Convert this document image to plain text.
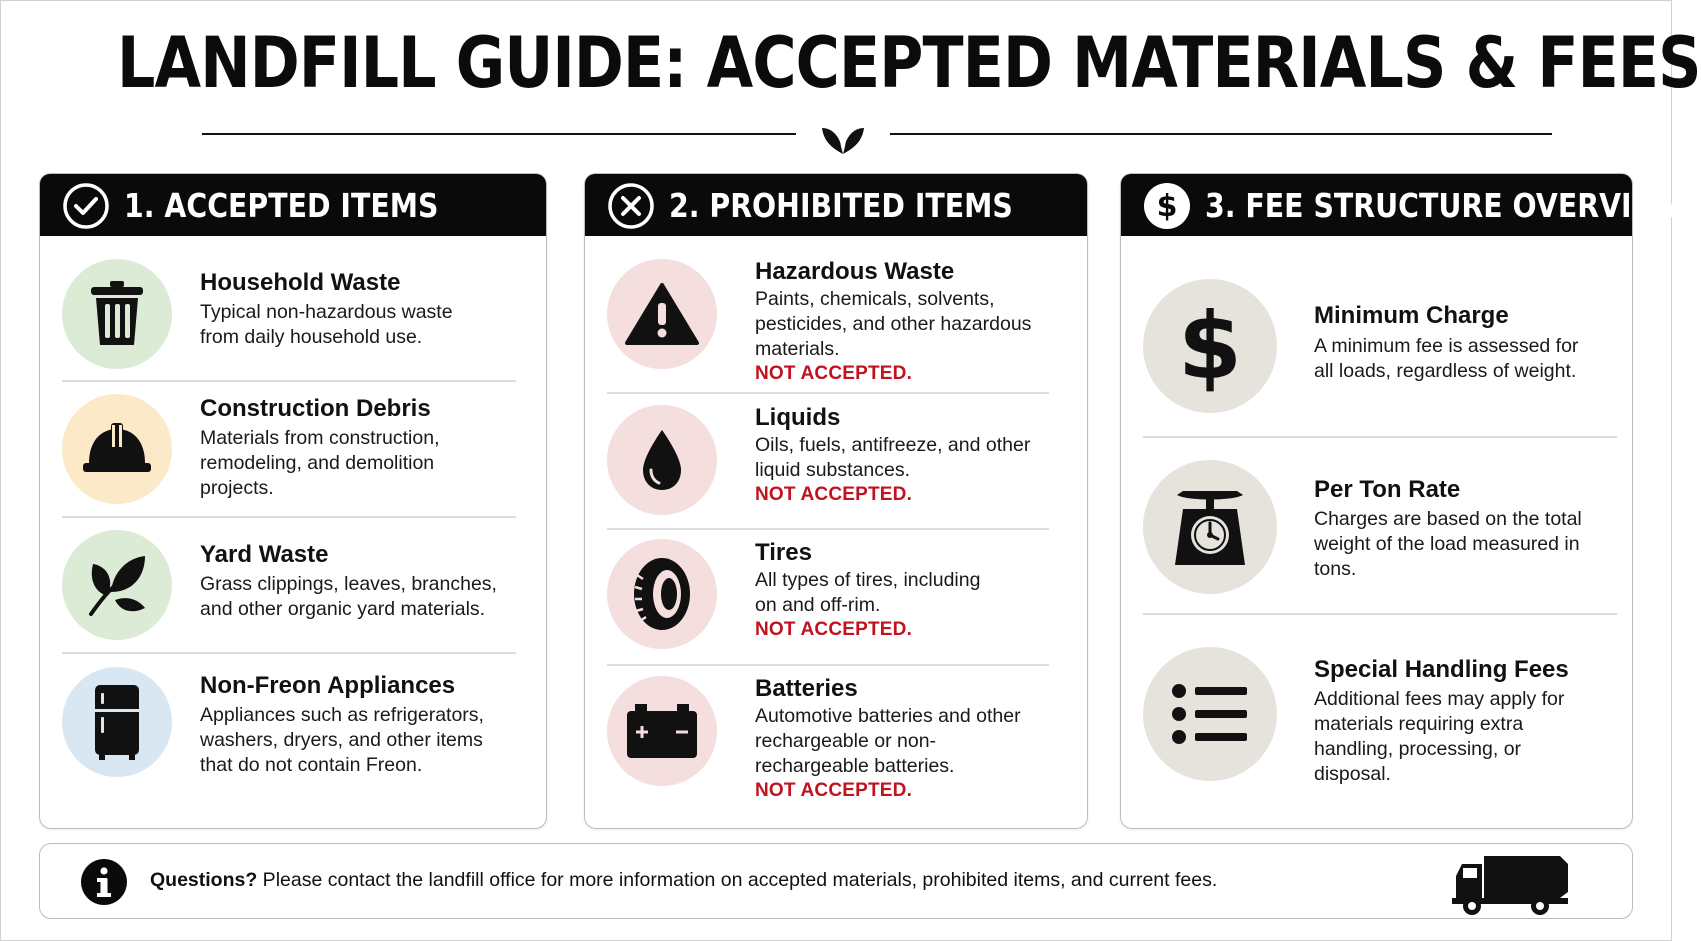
LANDFILL GUIDE: ACCEPTED MATERIALS & FEES
1. ACCEPTED ITEMS
Household Waste
Typical non-hazardous waste from daily household use.
Construction Debris
Materials from construction, remodeling, and demolition projects.
Yard Waste
Grass clippings, leaves, branches, and other organic yard materials.
Non-Freon Appliances
Appliances such as refrigerators, washers, dryers, and other items that do not contain Freon.
2. PROHIBITED ITEMS
Hazardous Waste
Paints, chemicals, solvents, pesticides, and other hazardous materials.
NOT ACCEPTED.
Liquids
Oils, fuels, antifreeze, and other liquid substances.
NOT ACCEPTED.
Tires
All types of tires, including on and off-rim.
NOT ACCEPTED.
Batteries
Automotive batteries and other rechargeable or non-rechargeable batteries.
NOT ACCEPTED.
$ 3. FEE STRUCTURE OVERVIEW
$	Minimum Charge
A minimum fee is assessed for all loads, regardless of weight.
Per Ton Rate
Charges are based on the total weight of the load measured in tons.
Special Handling Fees
Additional fees may apply for materials requiring extra handling, processing, or disposal.
Questions? Please contact the landfill office for more information on accepted materials, prohibited items, and current fees.
